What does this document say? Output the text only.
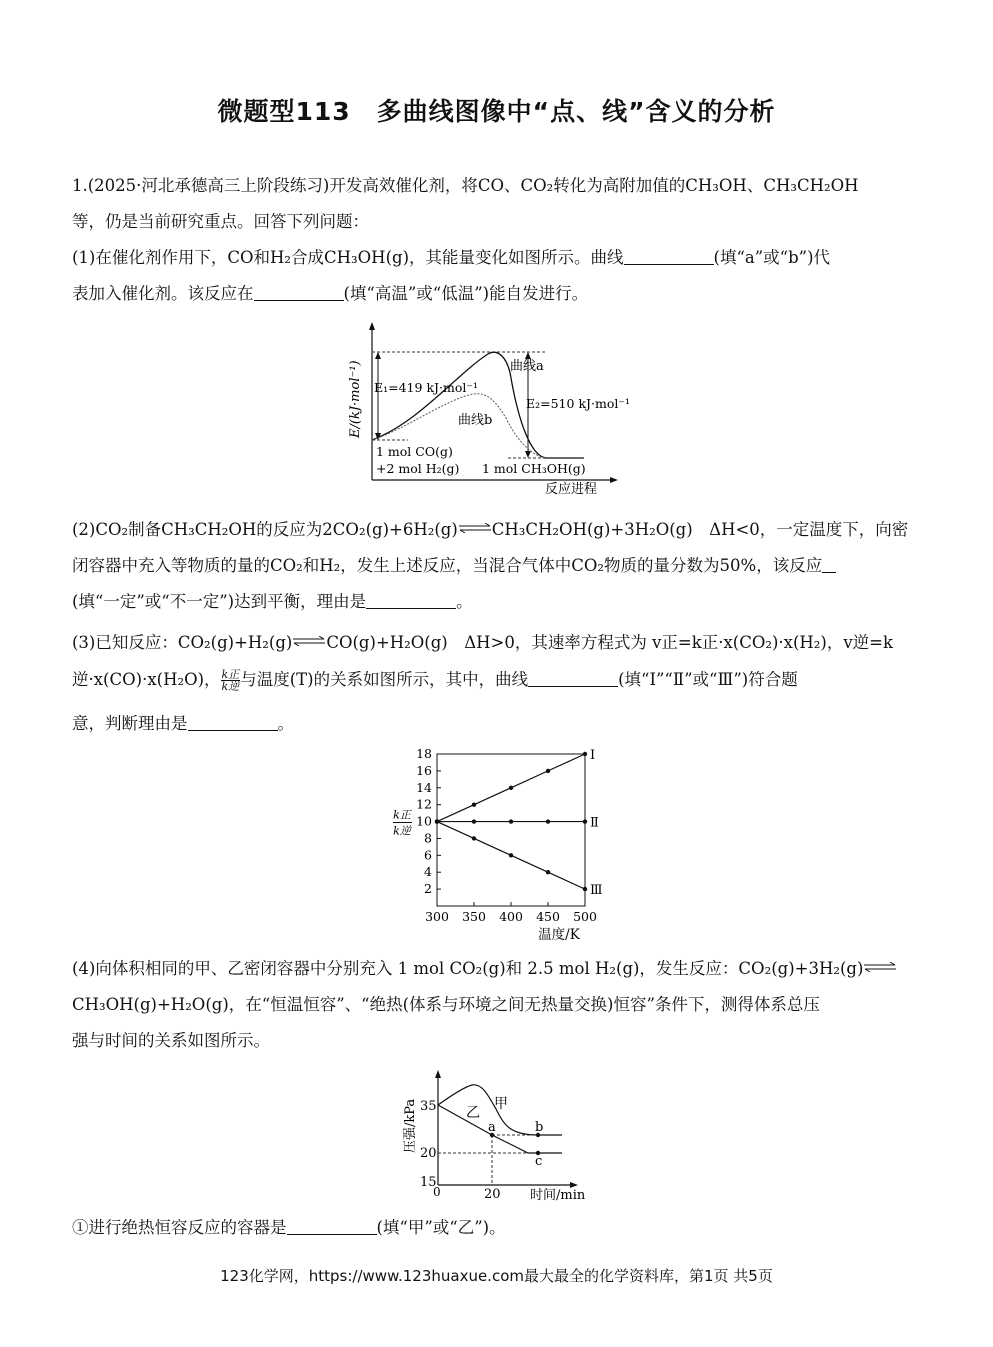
微题型113　多曲线图像中“点、线”含义的分析
1.(2025·河北承德高三上阶段练习)开发高效催化剂，将CO、CO₂转化为高附加值的CH₃OH、CH₃CH₂OH
等，仍是当前研究重点。回答下列问题：
(1)在催化剂作用下，CO和H₂合成CH₃OH(g)，其能量变化如图所示。曲线	(填“a”或“b”)代
表加入催化剂。该反应在	(填“高温”或“低温”)能自发进行。
E/(kJ·mol⁻¹)
反应进程
曲线a
曲线b
E₁=419 kJ·mol⁻¹
E₂=510 kJ·mol⁻¹
1 mol CO(g)
+2 mol H₂(g) 1 mol CH₃OH(g)
(2)CO₂制备CH₃CH₂OH的反应为2CO₂(g)+6H₂(g)⇌CH₃CH₂OH(g)+3H₂O(g)　ΔH<0，一定温度下，向密
闭容器中充入等物质的量的CO₂和H₂，发生上述反应，当混合气体中CO₂物质的量分数为50%，该反应
(填“一定”或“不一定”)达到平衡，理由是	。
(3)已知反应：CO₂(g)+H₂(g)⇌CO(g)+H₂O(g)　ΔH>0，其速率方程式为 v正=k正·x(CO₂)·x(H₂)，v逆=k
逆·x(CO)·x(H₂O)， $\frac{\text{k正}}{\text{k逆}}$ 与温度(T)的关系如图所示，其中，曲线	(填“Ⅰ”“Ⅱ”或“Ⅲ”)符合题
意，判断理由是	。
2
4
6
8
10
12
14
16
18
300 350 400 450 500
Ⅰ
Ⅱ
Ⅲ
温度/K
k正
k逆
(4)向体积相同的甲、乙密闭容器中分别充入 1 mol CO₂(g)和 2.5 mol H₂(g)，发生反应：CO₂(g)+3H₂(g)⇌
CH₃OH(g)+H₂O(g)，在“恒温恒容”、“绝热(体系与环境之间无热量交换)恒容”条件下，测得体系总压
强与时间的关系如图所示。
压强/kPa
时间/min
35
20
15
0	20
甲
乙
a	b
c
①进行绝热恒容反应的容器是	(填“甲”或“乙”)。
123化学网，https://www.123huaxue.com最大最全的化学资料库，第1页 共5页
